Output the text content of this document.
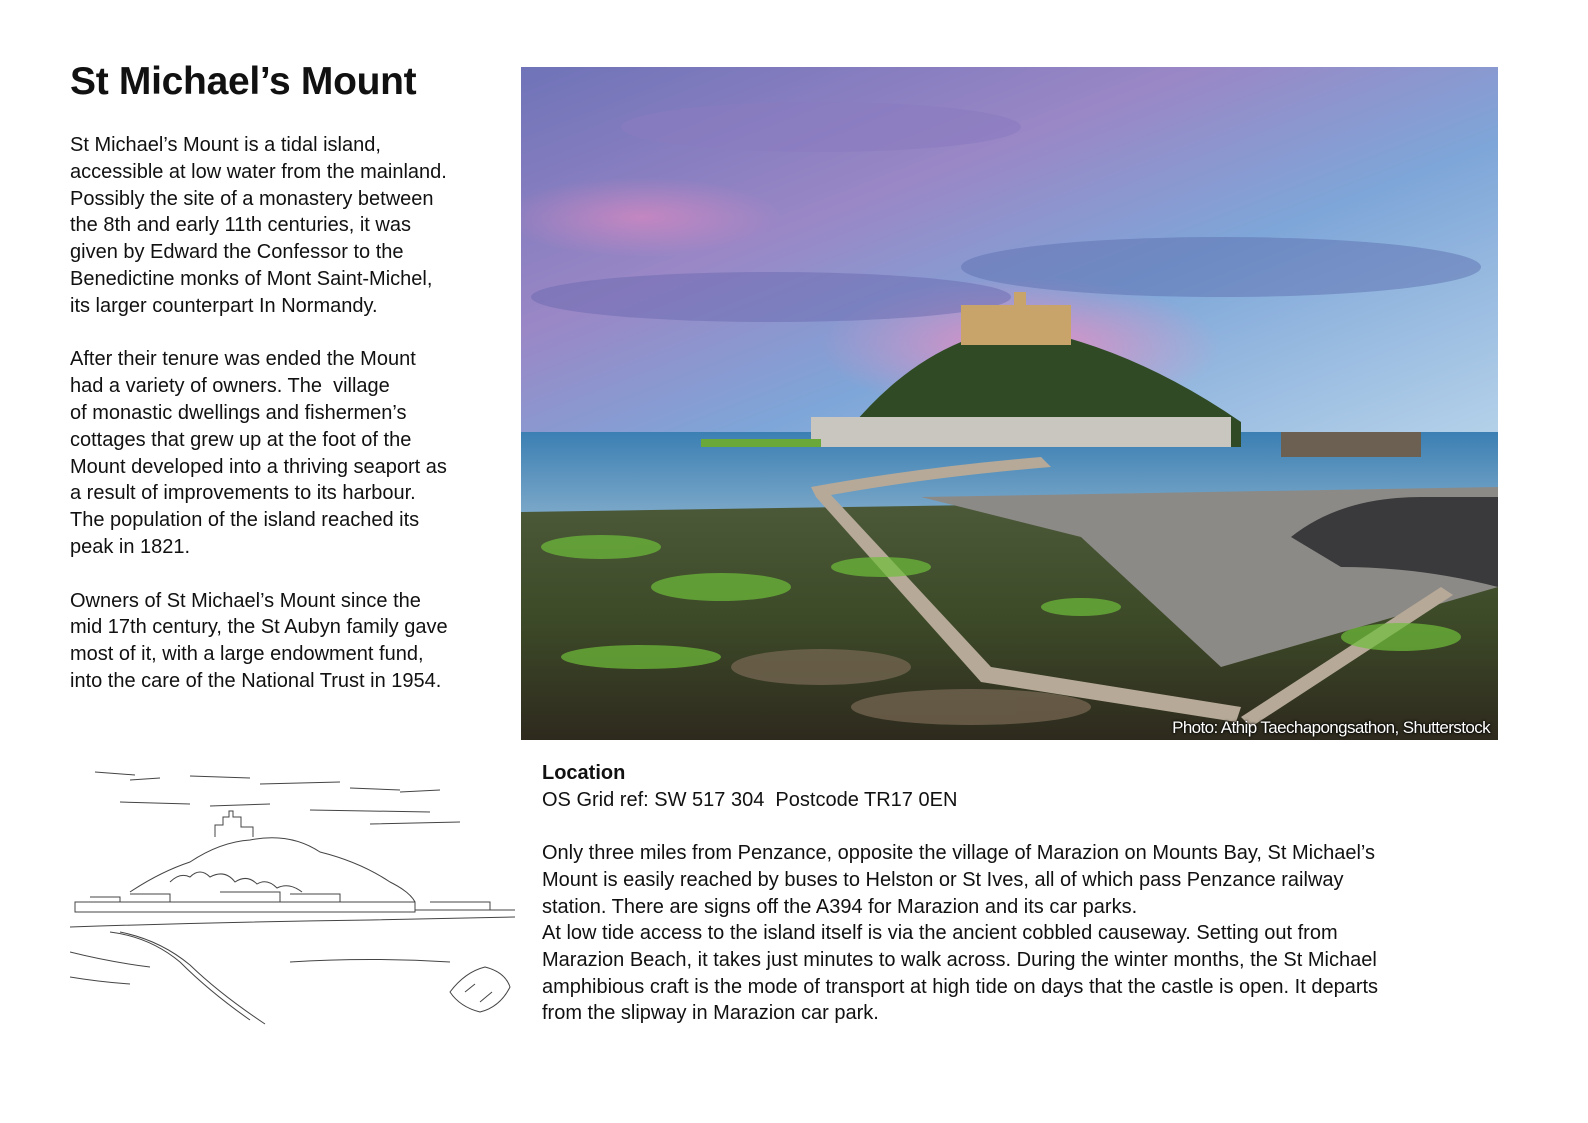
St Michael’s Mount

St Michael’s Mount is a tidal island,
accessible at low water from the mainland.
Possibly the site of a monastery between
the 8th and early 11th centuries, it was
given by Edward the Confessor to the
Benedictine monks of Mont Saint-Michel,
its larger counterpart In Normandy.

After their tenure was ended the Mount
had a variety of owners. The  village
of monastic dwellings and fishermen’s
cottages that grew up at the foot of the
Mount developed into a thriving seaport as
a result of improvements to its harbour.
The population of the island reached its
peak in 1821.

Owners of St Michael’s Mount since the
mid 17th century, the St Aubyn family gave
most of it, with a large endowment fund,
into the care of the National Trust in 1954.

Photo: Athip Taechapongsathon, Shutterstock
Location

OS Grid ref: SW 517 304  Postcode TR17 0EN

Only three miles from Penzance, opposite the village of Marazion on Mounts Bay, St Michael’s
Mount is easily reached by buses to Helston or St Ives, all of which pass Penzance railway
station. There are signs off the A394 for Marazion and its car parks.
At low tide access to the island itself is via the ancient cobbled causeway. Setting out from
Marazion Beach, it takes just minutes to walk across. During the winter months, the St Michael
amphibious craft is the mode of transport at high tide on days that the castle is open. It departs
from the slipway in Marazion car park.
